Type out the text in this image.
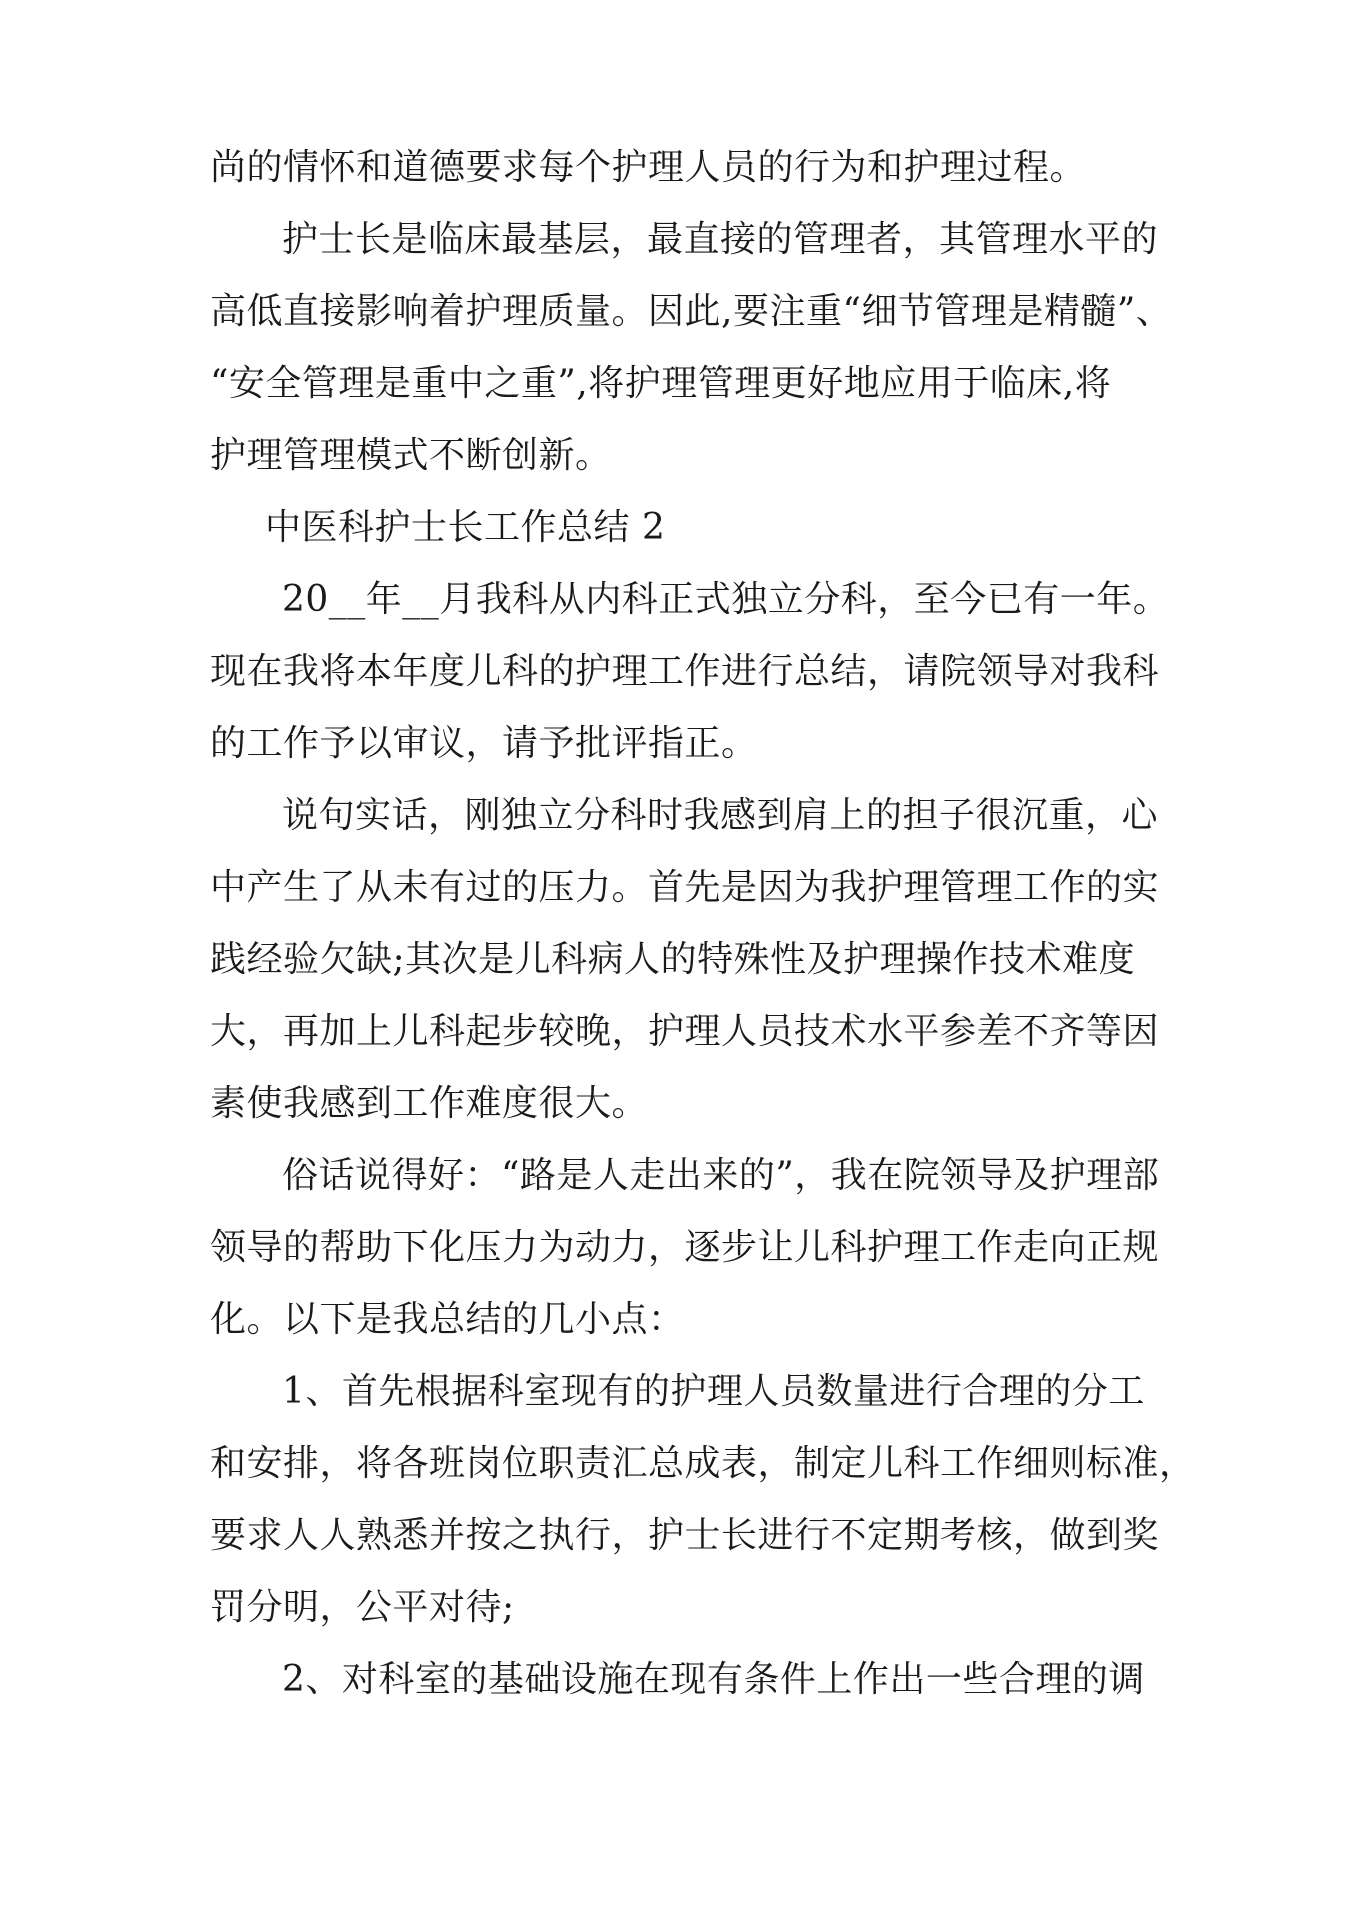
尚的情怀和道德要求每个护理人员的行为和护理过程。
护士长是临床最基层，最直接的管理者，其管理水平的
高低直接影响着护理质量。因此,要注重“细节管理是精髓”、
“安全管理是重中之重”,将护理管理更好地应用于临床,将
护理管理模式不断创新。
中医科护士长工作总结 2
20__年__月我科从内科正式独立分科，至今已有一年。
现在我将本年度儿科的护理工作进行总结，请院领导对我科
的工作予以审议，请予批评指正。
说句实话，刚独立分科时我感到肩上的担子很沉重，心
中产生了从未有过的压力。首先是因为我护理管理工作的实
践经验欠缺;其次是儿科病人的特殊性及护理操作技术难度
大，再加上儿科起步较晚，护理人员技术水平参差不齐等因
素使我感到工作难度很大。
俗话说得好：“路是人走出来的”，我在院领导及护理部
领导的帮助下化压力为动力，逐步让儿科护理工作走向正规
化。以下是我总结的几小点：
1、首先根据科室现有的护理人员数量进行合理的分工
和安排，将各班岗位职责汇总成表，制定儿科工作细则标准，
要求人人熟悉并按之执行，护士长进行不定期考核，做到奖
罚分明，公平对待;
2、对科室的基础设施在现有条件上作出一些合理的调
